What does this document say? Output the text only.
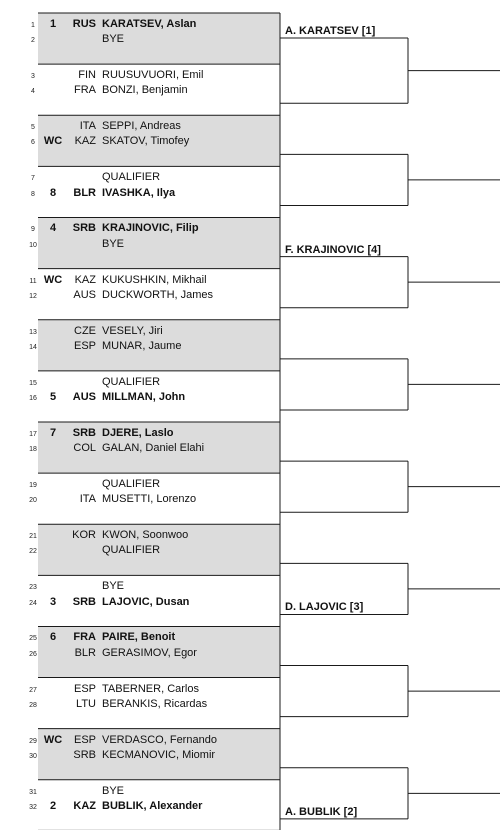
1	1	RUS KARATSEV, Aslan
2	BYE
3	FIN RUUSUVUORI, Emil
4	FRA BONZI, Benjamin
5	ITA SEPPI, Andreas
6 WC	KAZ SKATOV, Timofey
7	QUALIFIER
8	8	BLR IVASHKA, Ilya
9	4	SRB KRAJINOVIC, Filip
10	BYE
11 WC	KAZ KUKUSHKIN, Mikhail
12	AUS DUCKWORTH, James
13	CZE VESELY, Jiri
14	ESP MUNAR, Jaume
15	QUALIFIER
16	5	AUS MILLMAN, John
17	7	SRB DJERE, Laslo
18	COL GALAN, Daniel Elahi
19	QUALIFIER
20	ITA MUSETTI, Lorenzo
21	KOR KWON, Soonwoo
22	QUALIFIER
23	BYE
24	3	SRB LAJOVIC, Dusan
25	6	FRA PAIRE, Benoit
26	BLR GERASIMOV, Egor
27	ESP TABERNER, Carlos
28	LTU BERANKIS, Ricardas
29 WC	ESP VERDASCO, Fernando
30	SRB KECMANOVIC, Miomir
31	BYE
32	2	KAZ BUBLIK, Alexander
A. KARATSEV [1]
F. KRAJINOVIC [4]
D. LAJOVIC [3]
A. BUBLIK [2]
